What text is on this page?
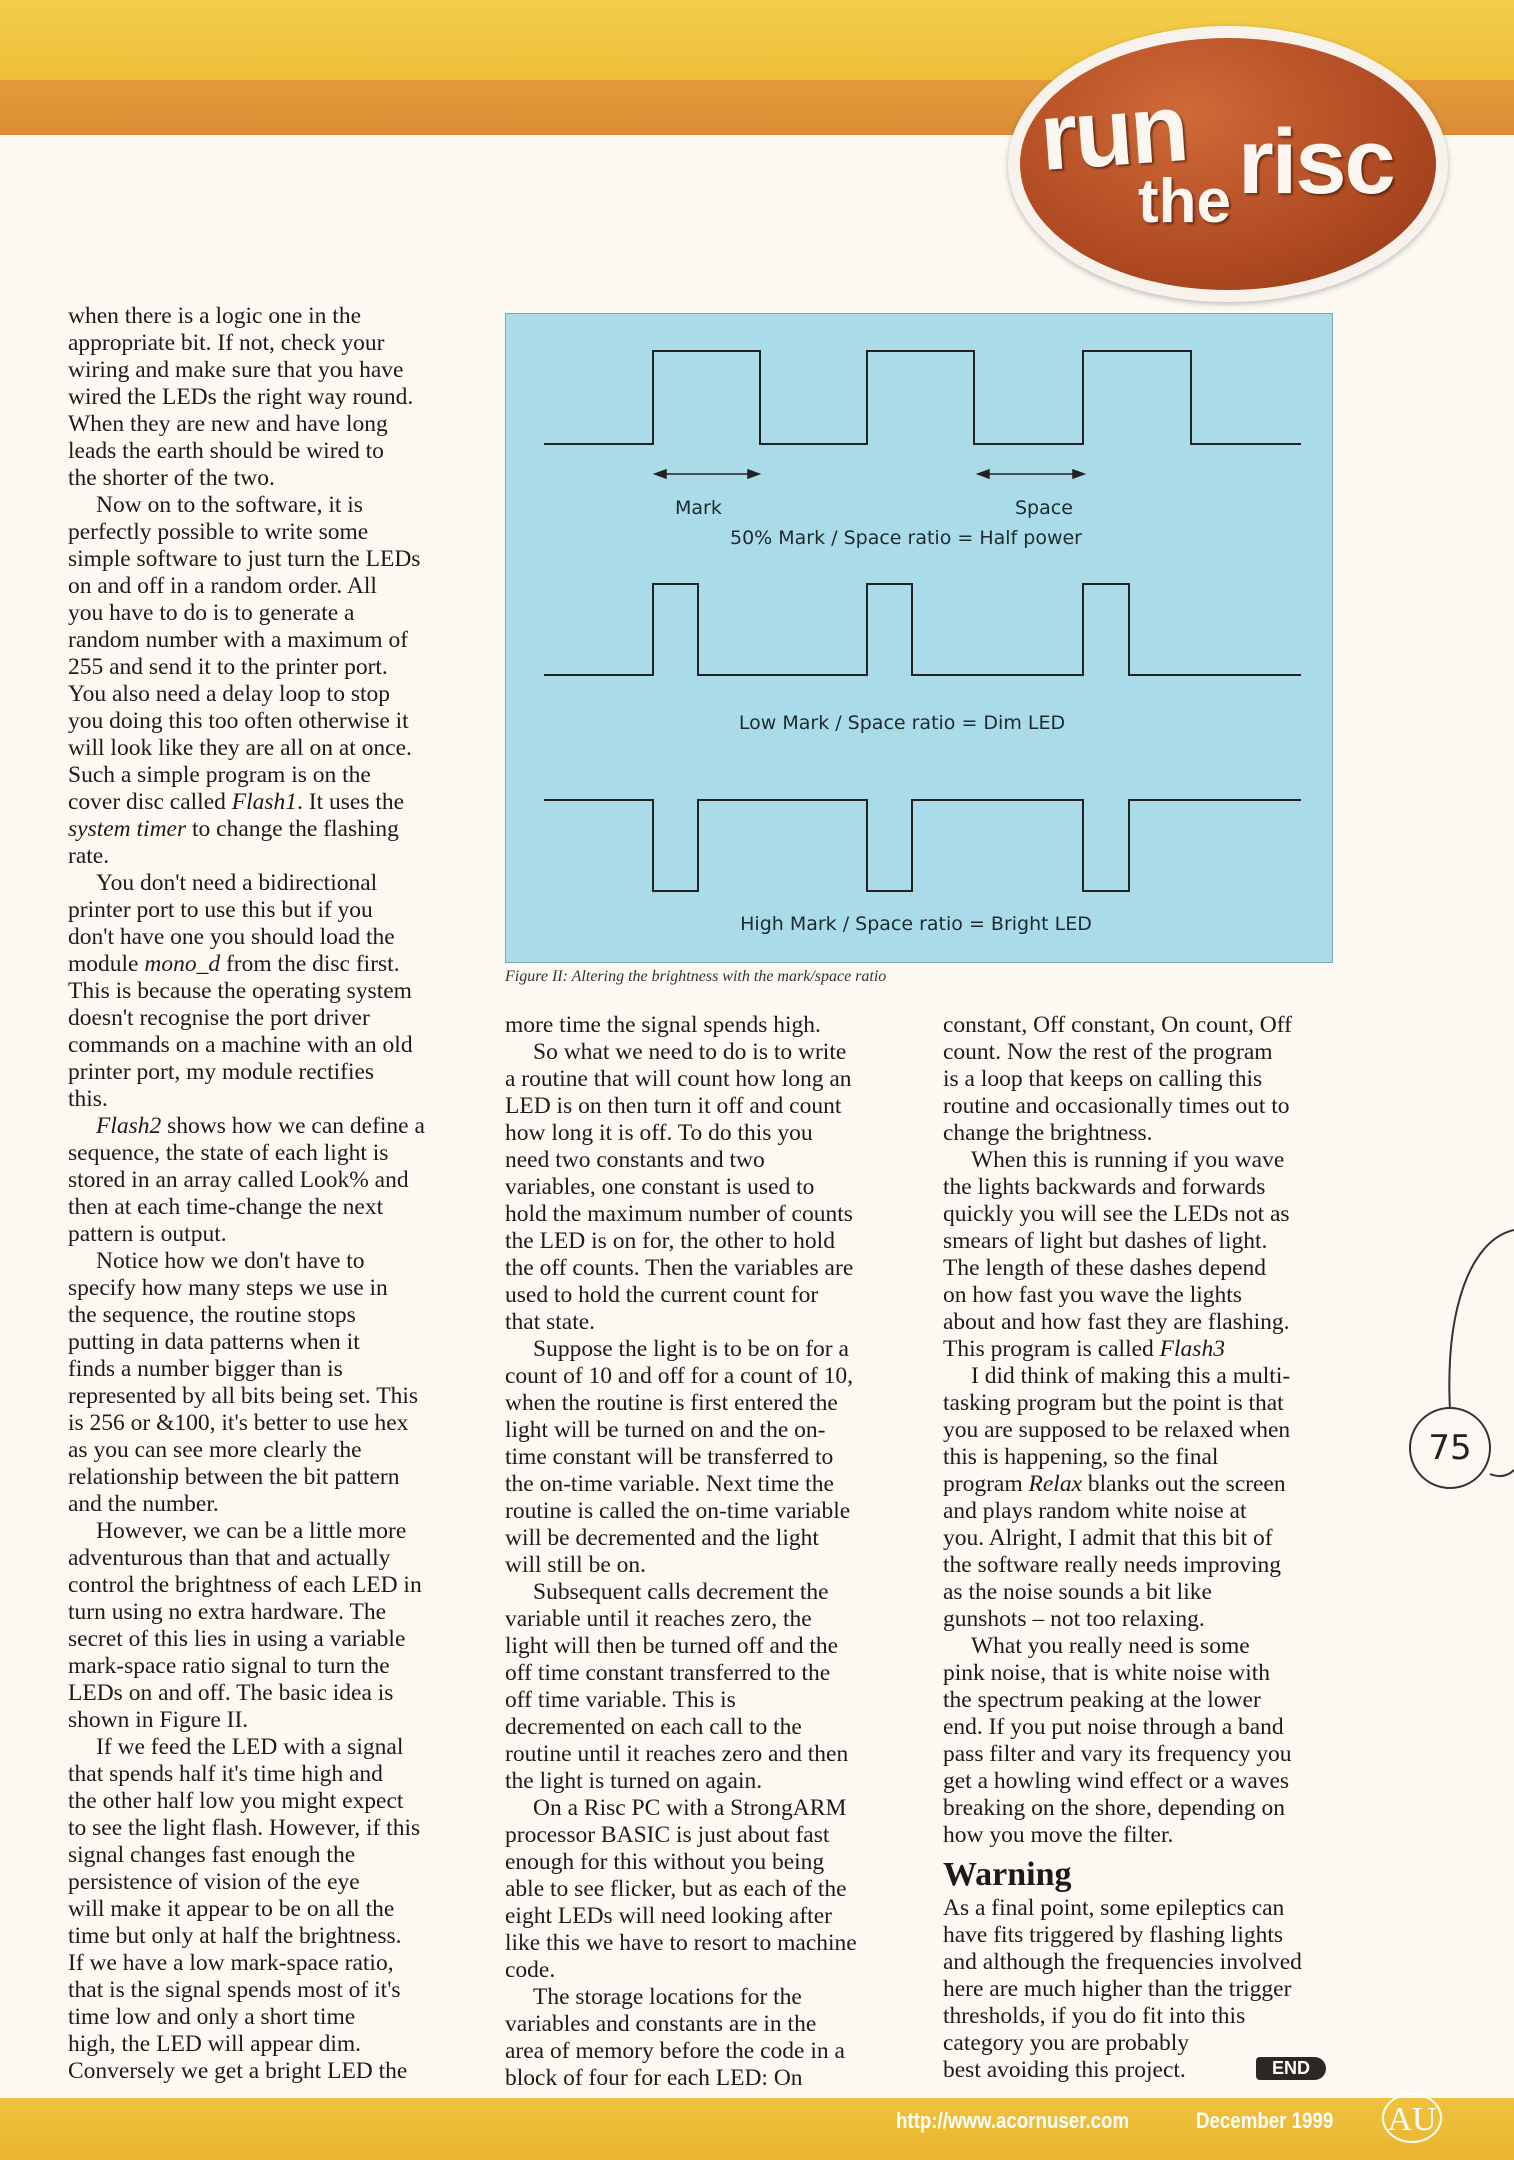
run
the risc
when there is a logic one in the
appropriate bit. If not, check your
wiring and make sure that you have
wired the LEDs the right way round.
When they are new and have long
leads the earth should be wired to
the shorter of the two.
Now on to the software, it is
perfectly possible to write some
simple software to just turn the LEDs
on and off in a random order. All
you have to do is to generate a
random number with a maximum of
255 and send it to the printer port.
You also need a delay loop to stop
you doing this too often otherwise it
will look like they are all on at once.
Such a simple program is on the
cover disc called Flash1. It uses the
system timer to change the flashing
rate.
You don't need a bidirectional
printer port to use this but if you
don't have one you should load the
module mono_d from the disc first.
This is because the operating system
doesn't recognise the port driver
commands on a machine with an old
printer port, my module rectifies
this.
Flash2 shows how we can define a
sequence, the state of each light is
stored in an array called Look% and
then at each time-change the next
pattern is output.
Notice how we don't have to
specify how many steps we use in
the sequence, the routine stops
putting in data patterns when it
finds a number bigger than is
represented by all bits being set. This
is 256 or &100, it's better to use hex
as you can see more clearly the
relationship between the bit pattern
and the number.
However, we can be a little more
adventurous than that and actually
control the brightness of each LED in
turn using no extra hardware. The
secret of this lies in using a variable
mark-space ratio signal to turn the
LEDs on and off. The basic idea is
shown in Figure II.
If we feed the LED with a signal
that spends half it's time high and
the other half low you might expect
to see the light flash. However, if this
signal changes fast enough the
persistence of vision of the eye
will make it appear to be on all the
time but only at half the brightness.
If we have a low mark-space ratio,
that is the signal spends most of it's
time low and only a short time
high, the LED will appear dim.
Conversely we get a bright LED the
Mark	Space
50% Mark / Space ratio = Half power
Low Mark / Space ratio = Dim LED
High Mark / Space ratio = Bright LED
Figure II: Altering the brightness with the mark/space ratio
more time the signal spends high.
So what we need to do is to write
a routine that will count how long an
LED is on then turn it off and count
how long it is off. To do this you
need two constants and two
variables, one constant is used to
hold the maximum number of counts
the LED is on for, the other to hold
the off counts. Then the variables are
used to hold the current count for
that state.
Suppose the light is to be on for a
count of 10 and off for a count of 10,
when the routine is first entered the
light will be turned on and the on-
time constant will be transferred to
the on-time variable. Next time the
routine is called the on-time variable
will be decremented and the light
will still be on.
Subsequent calls decrement the
variable until it reaches zero, the
light will then be turned off and the
off time constant transferred to the
off time variable. This is
decremented on each call to the
routine until it reaches zero and then
the light is turned on again.
On a Risc PC with a StrongARM
processor BASIC is just about fast
enough for this without you being
able to see flicker, but as each of the
eight LEDs will need looking after
like this we have to resort to machine
code.
The storage locations for the
variables and constants are in the
area of memory before the code in a
block of four for each LED: On
constant, Off constant, On count, Off
count. Now the rest of the program
is a loop that keeps on calling this
routine and occasionally times out to
change the brightness.
When this is running if you wave
the lights backwards and forwards
quickly you will see the LEDs not as
smears of light but dashes of light.
The length of these dashes depend
on how fast you wave the lights
about and how fast they are flashing.
This program is called Flash3
I did think of making this a multi-
tasking program but the point is that
you are supposed to be relaxed when
this is happening, so the final
program Relax blanks out the screen
and plays random white noise at
you. Alright, I admit that this bit of
the software really needs improving
as the noise sounds a bit like
gunshots – not too relaxing.
What you really need is some
pink noise, that is white noise with
the spectrum peaking at the lower
end. If you put noise through a band
pass filter and vary its frequency you
get a howling wind effect or a waves
breaking on the shore, depending on
how you move the filter.
Warning
As a final point, some epileptics can
have fits triggered by flashing lights
and although the frequencies involved
here are much higher than the trigger
thresholds, if you do fit into this
category you are probably
best avoiding this project.
75
END
http://www.acornuser.com	December 1999 AU
